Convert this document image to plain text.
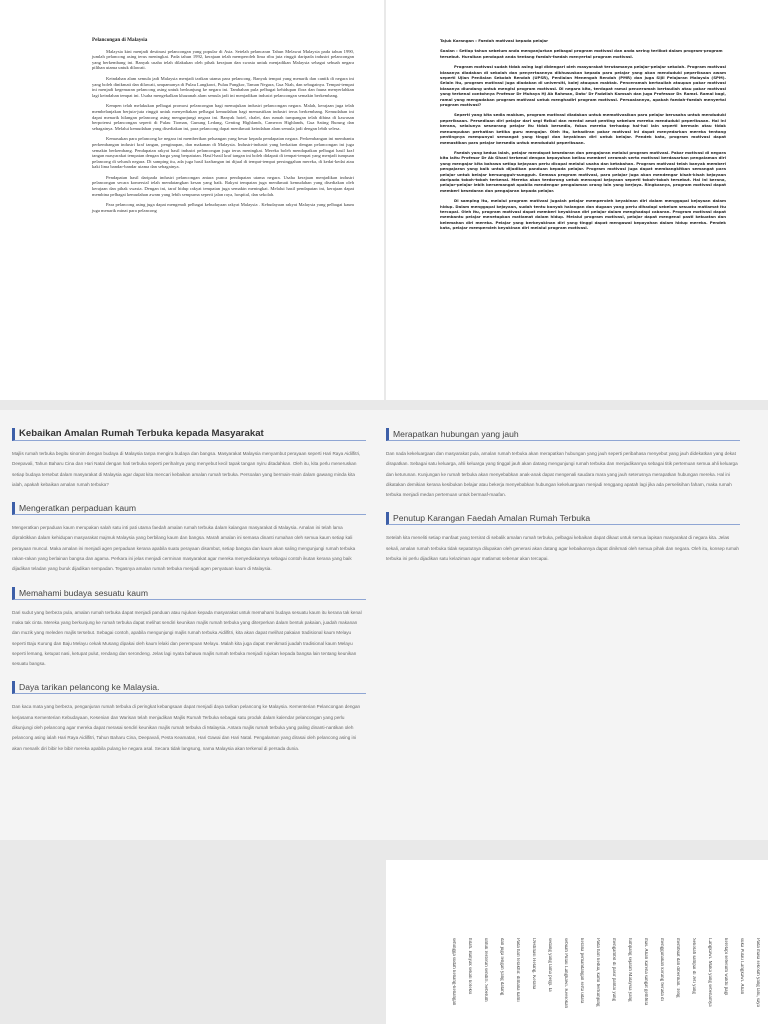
Pelancongan di Malaysia

Malaysia kini menjadi destinasi pelancongan yang popular di Asia. Setelah pelancaran Tahun Melawat Malaysia pada tahun 1990, jumlah pelancong asing terus meningkat. Pada tahun 1992, kerajaan telah memperoleh lima ribu juta ringgit daripada industri pelancongan yang berkembang ini. Banyak usaha telah dilakukan oleh pihak kerajaan dan swasta untuk menjadikan Malaysia sebagai sebuah negara pilihan utama untuk dilawati.

Keindahan alam semula jadi Malaysia menjadi tarikan utama para pelancong. Banyak tempat yang menarik dan cantik di negara ini yang boleh dinikmati dan dilawati, umpamanya di Pulau Langkawi, Pulau Pangkor, Taman Negara, Gua Niah, dan sebagainya. Tempat-tempat ini menjadi kegemaran pelancong asing untuk berkunjung ke negara ini. Tambahan pula pelbagai kehidupan flora dan fauna menyerlahkan lagi keindahan tempat ini. Usaha mengekalkan khazanah alam semula jadi ini menjadikan industri pelancongan semakin berkembang.

Kempen telah melakukan pelbagai promosi pelancongan bagi memajukan industri pelancongan negara. Malah, kerajaan juga telah membelanjakan berjuta-juta ringgit untuk menyediakan pelbagai kemudahan bagi memastikan industri terus berkembang. Kemudahan ini dapat menarik hilangan pelancong asing mengunjungi negara ini. Banyak hotel, chalet, dan rumah tumpangan telah dibina di kawasan berpotensi pelancongan seperti di Pulau Tioman, Gunung Ledang, Genting Highlands, Cameron Highlands, Gua Sating Burung dan sebagainya. Melalui kemudahan yang disediakan ini, para pelancong dapat menikmati keindahan alam semula jadi dengan lebih selesa.

Kemasukan para pelancong ke negara ini memberikan peluangan yang besar kepada pendapatan negara. Perkembangan ini membantu perkembangan industri kraf tangan, penginapan, dan makanan di Malaysia. Industri-industri yang berkaitan dengan pelancongan ini juga semakin berkembang. Pendapatan rakyat hasil industri pelancongan juga terus meningkat. Mereka boleh mendapatkan pelbagai hasil kraf tangan masyarakat tempatan dengan harga yang berpatutan. Hasil-hasil kraf tangan ini boleh didapati di tempat-tempat yang menjadi tumpuan pelancong di seluruh negara. Di samping itu, ada juga hasil kraftangan ini dijual di tempat-tempat persinggahan mereka, di kedai-kedai atau kaki lima bandar-bandar utama dan sebagainya.

Pendapatan hasil daripada industri pelancongan antara punca pendapatan utama negara. Usaha kerajaan menjadikan industri pelancongan secara komersial telah mendatangkan kesan yang baik. Rakyat tempatan juga menikmati kemudahan yang disediakan oleh kerajaan dan pihak swasta. Dengan ini, taraf hidup rakyat tempatan juga semakin meningkat. Melalui hasil pendapatan ini, kerajaan dapat membina pelbagai kemudahan awam yang lebih sempurna seperti jalan raya, hospital, dan sekolah.

Para pelancong asing juga dapat mengenali pelbagai kebudayaan rakyat Malaysia . Kebudayaan rakyat Malaysia yang pelbagai kaum juga menarik minat para pelancong

Tajuk Karangan : Faedah motivasi kepada pelajar

Soalan : Setiap tahun sebelum anda menganjurkan pelbagai program motivasi dan anda sering terlibat dalam program-program tersebut. Huraikan pendapat anda tentang faedah-faedah menyertai program motivasi.

Program motivasi sudah tidak asing lagi didengari oleh masyarakat terutamanya pelajar-pelajar sekolah. Program motivasi biasanya diadakan di sekolah dan penyertaannya dikhususkan kepada para pelajar yang akan menduduki peperiksaan awam seperti Ujian Penilaian Sekolah Rendah (UPSR), Penilaian Menengah Rendah (PMR) dan juga Sijil Pelajaran Malaysia (SPM). Selain itu, program motivasi juga diadakan di universiti, kolej ataupun maktab. Penceramah bertauliah ataupun pakar motivasi biasanya diundang untuk mengisi program motivasi. Di negara kita, terdapat ramai penceramah bertauliah atau pakar motivasi yang terkenal contohnya Profesor Dr Muhaya Hj Ab Rahman, Dato' Dr Fadzilah Kamsah dan juga Professor Dr. Ramzi. Ramai bagi, ramai yang mengadakan program motivasi untuk menghadiri program motivasi. Persoalannya, apakah faedah-faedah menyertai program motivasi?

Seperti yang kita sedia maklum, program motivasi diadakan untuk memotivasikan para pelajar berusaha untuk menduduki peperiksaan. Persediaan diri pelajar dari segi fizikal dan mental amat penting sebelum mereka menduduki peperiksaan. Hal ini kerana, selalunya seseorang pelajar itu tidak bersedia, fokus mereka terhadap hal-hal lain seperti bermain atau tidak menumpukan perhatian ketika guru mengajar. Oleh itu, kehadiran pakar motivasi ini dapat menyedarkan mereka tentang pentingnya mempunyai semangat yang tinggi dan keyakinan diri untuk belajar. Pendek kata, program motivasi dapat memastikan para pelajar bersedia untuk menduduki peperiksaan.

Faedah yang kedua ialah, pelajar mendapat kesedaran dan pengajaran melalui program motivasi. Pakar motivasi di negara kita iaitu Profesor Dr Ab Ghani terkenal dengan kepayahan beliau memberi ceramah serta motivasi berdasarkan pengalaman diri yang mengajar kita bahawa setiap kejayaan perlu dicapai melalui usaha dan ketabahan. Program motivasi telah banyak memberi pengajaran yang baik untuk dijadikan panduan kepada pelajar. Program motivasi juga dapat membangkitkan semangat para pelajar untuk belajar bersungguh-sungguh. Semasa program motivasi, para pelajar juga akan mendengar kisah-kisah kejayaan daripada tokoh-tokoh terkenal. Mereka akan terdorong untuk mencapai kejayaan seperti tokoh-tokoh tersebut. Hal ini kerana, pelajar-pelajar lebih bersemangat apabila mendengar pengalaman orang lain yang berjaya. Ringkasnya, program motivasi dapat memberi kesedaran dan pengajaran kepada pelajar.

Di samping itu, melalui program motivasi jugalah pelajar memperoleh keyakinan diri dalam menggapai kejayaan dalam hidup. Dalam menggapai kejayaan, sudah tentu banyak halangan dan dugaan yang perlu dihadapi sebelum sesuatu matlamat itu tercapai. Oleh itu, program motivasi dapat memberi keyakinan diri pelajar dalam menghadapi cabaran. Program motivasi dapat membantu pelajar menetapkan matlamat dalam hidup. Melalui program motivasi, pelajar dapat mengenal pasti kekuatan dan kelemahan diri mereka. Pelajar yang berkeyakinan diri yang tinggi dapat mengawal kepayahan dalam hidup mereka. Pendek kata, pelajar memperoleh keyakinan diri melalui program motivasi.

Kebaikan Amalan Rumah Terbuka kepada Masyarakat
Majlis rumah terbuka begitu sinonim dengan budaya di Malaysia tanpa mengira budaya dan bangsa. Masyarakat Malaysia menyambut perayaan seperti Hari Raya Aidilfitri, Deepavali, Tahun Baharu Cina dan Hari Natal dengan hati terbuka seperti perihalnya yang menyebut kecil tapak tangan nyiru ditadahkan. Oleh itu, kita perlu meneruskan setiap budaya tersebut dalam masyarakat di Malaysia agar dapat kita mencari kebaikan amalan rumah terbuka. Persoalan yang bermain-main dalam gawang minda kita ialah, apakah kebaikan amalan rumah terbuka?
Mengeratkan perpaduan kaum
Mengeratkan perpaduan kaum merupakan salah satu inti pati utama faedah amalan rumah terbuka dalam kalangan masyarakat di Malaysia. Amalan ini telah lama dipraktikkan dalam kehidupan masyarakat majmuk Malaysia yang berbilang kaum dan bangsa. Marah amalan ini semasa dinanti rumahan oleh semua kaum setiap kali perayaan muncul. Maka amalan ini menjadi agen perpaduan kerana apabila suatu perayaan disambut, setiap bangsa dan kaum akan saling mengunjungi rumah terbuka rakan-rakan yang berlainan bangsa dan agama. Perkara ini jelas menjadi cerminan masyarakat agar mereka menyediakannya sebagai contoh ikutan kerana yang baik dijadikan teladan yang buruk dijadikan sempadan. Tegasnya amalan rumah terbuka menjadi agen penyatuan kaum di Malaysia.
Memahami budaya sesuatu kaum
Dari sudut yang berbeza pula, amalan rumah terbuka dapat menjadi panduan atau rujukan kepada masyarakat untuk memahami budaya sesuatu kaum itu kerana tak kenal maka tak cinta. Mereka yang berkunjung ke rumah terbuka dapat melihat sendiri keunikan majlis rumah terbuka yang diterperkan dalam bentuk pakaian, juadah makanan dan muzik yang meleden majlis tersebut. Sebagai contoh, apabila mengunjungi majlis rumah terbuka Aidilfitri, kita akan dapat melihat pakaian tradisional kaum Melayu seperti Baju Kurung dan Baju Melayu cekak Musang dipakai oleh kaum lelaki dan perempuan Melayu. Malah kita juga dapat menikmati juadah tradisional kaum Melayu seperti lemang, ketupat nasi, ketupat pulut, rendang dan serondeng. Jelas lagi nyata bahawa majlis rumah terbuka menjadi rujukan kepada bangsa lain tentang keunikan sesuatu bangsa.
Daya tarikan pelancong ke Malaysia.
Dan kaca mata yang berbeza, penganjuran rumah terbuka di peringkat kebangsaan dapat menjadi daya tarikan pelancong ke Malaysia. Kementerian Pelancongan dengan kerjasama Kementerian Kebudayaan, Kesenian dan Warisan telah menjadikan Majlis Rumah Terbuka sebagai satu produk dalam kalendar pelancongan yang perlu dikunjungi oleh pelancong agar mereka dapat merasai sendiri keunikan majlis rumah terbuka di Malaysia. Antara majlis rumah terbuka yang paling dinanti-nantikan oleh pelancong asing ialah Hari Raya Aidilfitri, Tahun Baharu Cina, Deepavali, Pesta Keamatan, Hari Gawai dan Hari Natal. Pengalaman yang dirasai oleh pelancong asing ini akan menarik diri bibir ke bibir mereka apabila pulang ke negara asal. Secara tidak langsung, nama Malaysia akan terkenal di persada dunia.
Merapatkan hubungan yang jauh
Dan nada kekeluargaan dan masyarakat pula, amalan rumah terbuka akan merapatkan hubungan yang jauh seperti peribahasa menyebut yang jauh didekatkan yang dekat dirapatkan. Sebagai satu keluarga, ahli keluarga yang tinggal jauh akan datang mengunjungi rumah terbuka dan menjadikannya sebagai titik pertemuan semua ahli keluarga dan keturunan. Kunjungan ke rumah terbuka akan menyebabkan anak-anak dapat mengenali saudara mara yang jauh seterusnya merapatkan hubungan mereka. Hal ini dikatakan demikian kerana kesibukan belajar atau bekerja menyebabkan hubungan kekeluargaan menjadi renggang apatah lagi jika ada perselisihan faham, maka rumah terbuka menjadi medan pertemuan untuk bermaaf-maafan.
Penutup Karangan Faedah Amalan Rumah Terbuka
Setelah kita meneliti setiap manfaat yang tersirat di sebalik amalan rumah terbuka, pelbagai kebaikan dapat dikaut untuk semua lapisan masyarakat di negara kita. Jelas sekali, amalan rumah terbuka tidak sepatutnya dilupakan oleh generasi akan datang agar kebaikannya dapat dinikmati oleh semua pihak dan negara. Oleh itu, konsep rumah terbuka ini perlu dijadikan satu kelaziman agar matlamat sebenar akan tercapai.
Pada masa sekolah yang lalu, saya
suka Pulau Langkawi. Akan
keretapi sebelum waktu pagi
Langkawi. Maka yang sebenarnya
Sekolah sampai di Jeti yang
membuat dan diberikan. Teng
menggunakan korang berada di
mas. Akan karena sangat gembira
tumpang sejarah Malaysia yang
mengambil di pasir pantai yang
Pada hari kedua, kami berkunjung
kerana pemandangan serta udara
sebuah Pulau Langkawi. Keesokan
sedang yang lama pergi. Ia
Destinasi Helang. Kerana
Pada hari terakhir. dimana kami
dan juga lengan yang datang
untuk restoran sendiri. Sebelum
hilah. Banyak sekali koleksi
sehingga sudah kenang-kenangan
